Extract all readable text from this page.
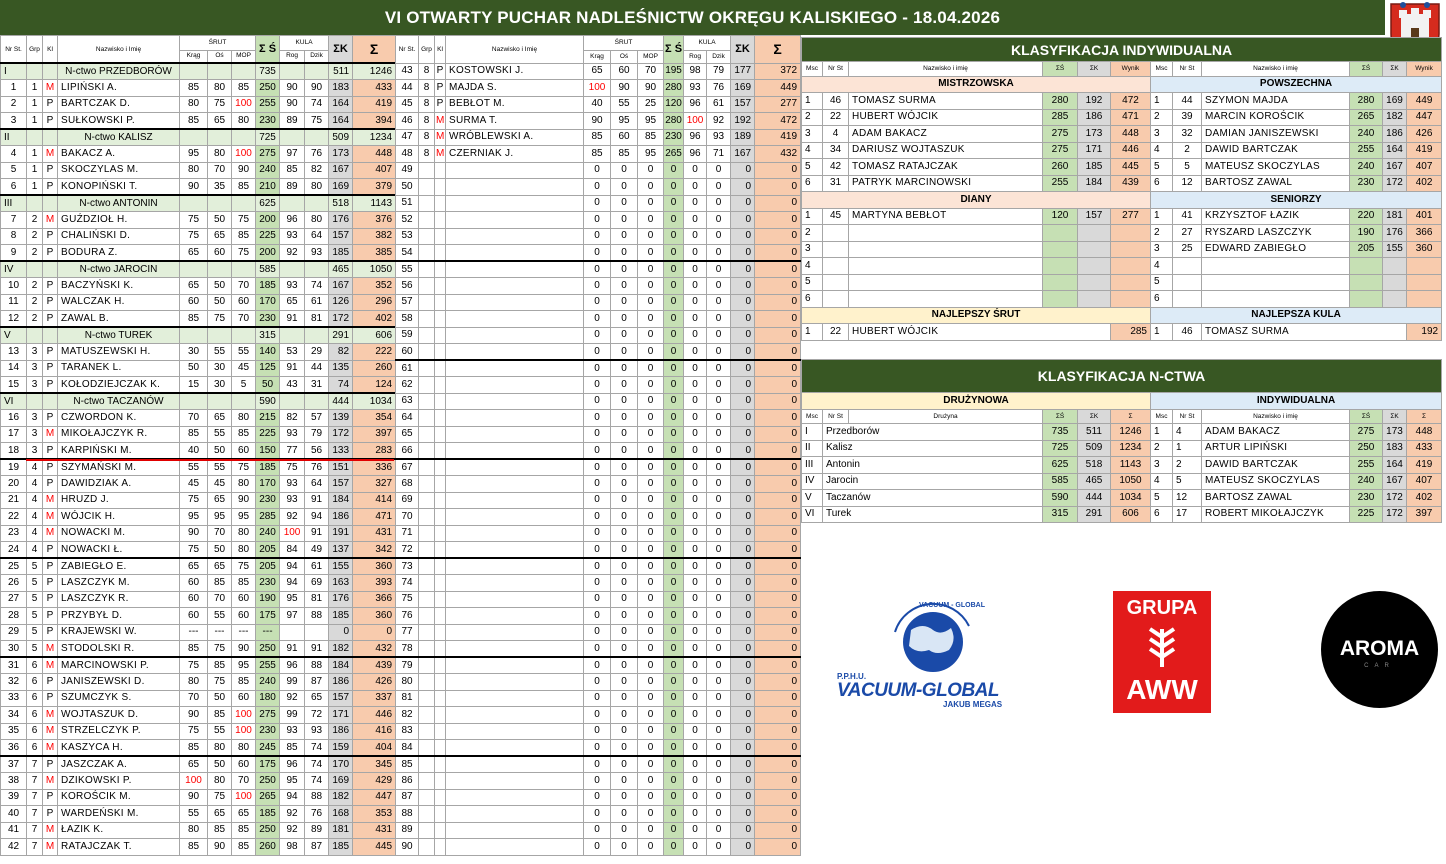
VI OTWARTY PUCHAR NADLEŚNICTW OKRĘGU KALISKIEGO - 18.04.2026
Nr St.	Grp	Kl	Nazwisko i Imię	ŚRUT			Σ Ś	KULA		ΣK	Σ
				Krąg	Oś	MOP		Rog	Dzik		
I			N-ctwo PRZEDBORÓW				735			511	1246
1	1	M	LIPIŃSKI A.	85	80	85	250	90	90	183	433
2	1	P	BARTCZAK D.	80	75	100	255	90	74	164	419
3	1	P	SUŁKOWSKI P.	85	65	80	230	89	75	164	394
II			N-ctwo KALISZ				725			509	1234
4	1	M	BAKACZ A.	95	80	100	275	97	76	173	448
5	1	P	SKOCZYLAS M.	80	70	90	240	85	82	167	407
6	1	P	KONOPIŃSKI T.	90	35	85	210	89	80	169	379
III			N-ctwo ANTONIN				625			518	1143
7	2	M	GUŹDZIOŁ H.	75	50	75	200	96	80	176	376
8	2	P	CHALIŃSKI D.	75	65	85	225	93	64	157	382
9	2	P	BODURA Z.	65	60	75	200	92	93	185	385
IV			N-ctwo JAROCIN				585			465	1050
10	2	P	BACZYŃSKI K.	65	50	70	185	93	74	167	352
11	2	P	WALCZAK H.	60	50	60	170	65	61	126	296
12	2	P	ZAWAL B.	85	75	70	230	91	81	172	402
V			N-ctwo TUREK				315			291	606
13	3	P	MATUSZEWSKI H.	30	55	55	140	53	29	82	222
14	3	P	TARANEK L.	50	30	45	125	91	44	135	260
15	3	P	KOŁODZIEJCZAK K.	15	30	5	50	43	31	74	124
VI			N-ctwo TACZANÓW				590			444	1034
16	3	P	CZWORDON K.	70	65	80	215	82	57	139	354
17	3	M	MIKOŁAJCZYK R.	85	55	85	225	93	79	172	397
18	3	P	KARPIŃSKI M.	40	50	60	150	77	56	133	283
19	4	P	SZYMAŃSKI M.	55	55	75	185	75	76	151	336
20	4	P	DAWIDZIAK A.	45	45	80	170	93	64	157	327
21	4	M	HRUZD J.	75	65	90	230	93	91	184	414
22	4	M	WÓJCIK H.	95	95	95	285	92	94	186	471
23	4	M	NOWACKI M.	90	70	80	240	100	91	191	431
24	4	P	NOWACKI Ł.	75	50	80	205	84	49	137	342
25	5	P	ZABIEGŁO E.	65	65	75	205	94	61	155	360
26	5	P	LASZCZYK M.	60	85	85	230	94	69	163	393
27	5	P	LASZCZYK R.	60	70	60	190	95	81	176	366
28	5	P	PRZYBYŁ D.	60	55	60	175	97	88	185	360
29	5	P	KRAJEWSKI W.	---	---	---	---			0	0
30	5	M	STODOLSKI R.	85	75	90	250	91	91	182	432
31	6	M	MARCINOWSKI P.	75	85	95	255	96	88	184	439
32	6	P	JANISZEWSKI D.	80	75	85	240	99	87	186	426
33	6	P	SZUMCZYK S.	70	50	60	180	92	65	157	337
34	6	M	WOJTASZUK D.	90	85	100	275	99	72	171	446
35	6	M	STRZELCZYK P.	75	55	100	230	93	93	186	416
36	6	M	KASZYCA H.	85	80	80	245	85	74	159	404
37	7	P	JASZCZAK A.	65	50	60	175	96	74	170	345
38	7	M	DZIKOWSKI P.	100	80	70	250	95	74	169	429
39	7	P	KOROŚCIK M.	90	75	100	265	94	88	182	447
40	7	P	WARDEŃSKI M.	55	65	65	185	92	76	168	353
41	7	M	ŁAZIK K.	80	85	85	250	92	89	181	431
42	7	M	RATAJCZAK T.	85	90	85	260	98	87	185	445
Nr St.	Grp	Kl	Nazwisko i Imię	ŚRUT			Σ Ś	KULA		ΣK	Σ
				Krąg	Oś	MOP		Rog	Dzik		
43	8	P	KOSTOWSKI J.	65	60	70	195	98	79	177	372
44	8	P	MAJDA S.	100	90	90	280	93	76	169	449
45	8	P	BEBŁOT M.	40	55	25	120	96	61	157	277
46	8	M	SURMA T.	90	95	95	280	100	92	192	472
47	8	M	WRÓBLEWSKI A.	85	60	85	230	96	93	189	419
48	8	M	CZERNIAK J.	85	85	95	265	96	71	167	432
49				0	0	0	0	0	0	0	0
50				0	0	0	0	0	0	0	0
51				0	0	0	0	0	0	0	0
52				0	0	0	0	0	0	0	0
53				0	0	0	0	0	0	0	0
54				0	0	0	0	0	0	0	0
55				0	0	0	0	0	0	0	0
56				0	0	0	0	0	0	0	0
57				0	0	0	0	0	0	0	0
58				0	0	0	0	0	0	0	0
59				0	0	0	0	0	0	0	0
60				0	0	0	0	0	0	0	0
61				0	0	0	0	0	0	0	0
62				0	0	0	0	0	0	0	0
63				0	0	0	0	0	0	0	0
64				0	0	0	0	0	0	0	0
65				0	0	0	0	0	0	0	0
66				0	0	0	0	0	0	0	0
67				0	0	0	0	0	0	0	0
68				0	0	0	0	0	0	0	0
69				0	0	0	0	0	0	0	0
70				0	0	0	0	0	0	0	0
71				0	0	0	0	0	0	0	0
72				0	0	0	0	0	0	0	0
73				0	0	0	0	0	0	0	0
74				0	0	0	0	0	0	0	0
75				0	0	0	0	0	0	0	0
76				0	0	0	0	0	0	0	0
77				0	0	0	0	0	0	0	0
78				0	0	0	0	0	0	0	0
79				0	0	0	0	0	0	0	0
80				0	0	0	0	0	0	0	0
81				0	0	0	0	0	0	0	0
82				0	0	0	0	0	0	0	0
83				0	0	0	0	0	0	0	0
84				0	0	0	0	0	0	0	0
85				0	0	0	0	0	0	0	0
86				0	0	0	0	0	0	0	0
87				0	0	0	0	0	0	0	0
88				0	0	0	0	0	0	0	0
89				0	0	0	0	0	0	0	0
90				0	0	0	0	0	0	0	0
KLASYFIKACJA INDYWIDUALNA											
Msc	Nr St	Nazwisko i imię	ΣŚ	ΣK	Wynik	Msc	Nr St	Nazwisko i imię	ΣŚ	ΣK	Wynik
MISTRZOWSKA						POWSZECHNA					
1	46	TOMASZ SURMA	280	192	472	1	44	SZYMON MAJDA	280	169	449
2	22	HUBERT WÓJCIK	285	186	471	2	39	MARCIN KOROŚCIK	265	182	447
3	4	ADAM BAKACZ	275	173	448	3	32	DAMIAN JANISZEWSKI	240	186	426
4	34	DARIUSZ WOJTASZUK	275	171	446	4	2	DAWID BARTCZAK	255	164	419
5	42	TOMASZ RATAJCZAK	260	185	445	5	5	MATEUSZ SKOCZYLAS	240	167	407
6	31	PATRYK MARCINOWSKI	255	184	439	6	12	BARTOSZ ZAWAL	230	172	402
DIANY						SENIORZY					
1	45	MARTYNA BEBŁOT	120	157	277	1	41	KRZYSZTOF ŁAZIK	220	181	401
2						2	27	RYSZARD LASZCZYK	190	176	366
3						3	25	EDWARD ZABIEGŁO	205	155	360
4						4					
5						5					
6						6					
NAJLEPSZY ŚRUT						NAJLEPSZA KULA					
1	22	HUBERT WÓJCIK			285	1	46	TOMASZ SURMA			192
KLASYFIKACJA N-CTWA											
DRUŻYNOWA						INDYWIDUALNA					
Msc	Nr St	Drużyna	ΣŚ	ΣK	Σ	Msc	Nr St	Nazwisko i imię	ΣŚ	ΣK	Σ
I	Przedborów		735	511	1246	1	4	ADAM BAKACZ	275	173	448
II	Kalisz		725	509	1234	2	1	ARTUR LIPIŃSKI	250	183	433
III	Antonin		625	518	1143	3	2	DAWID BARTCZAK	255	164	419
IV	Jarocin		585	465	1050	4	5	MATEUSZ SKOCZYLAS	240	167	407
V	Taczanów		590	444	1034	5	12	BARTOSZ ZAWAL	230	172	402
VI	Turek		315	291	606	6	17	ROBERT MIKOŁAJCZYK	225	172	397
VACUUM - GLOBAL
P.P.H.U.
VACUUM-GLOBAL
JAKUB MEGAS
GRUPA
AWW
AROMA
CAR
